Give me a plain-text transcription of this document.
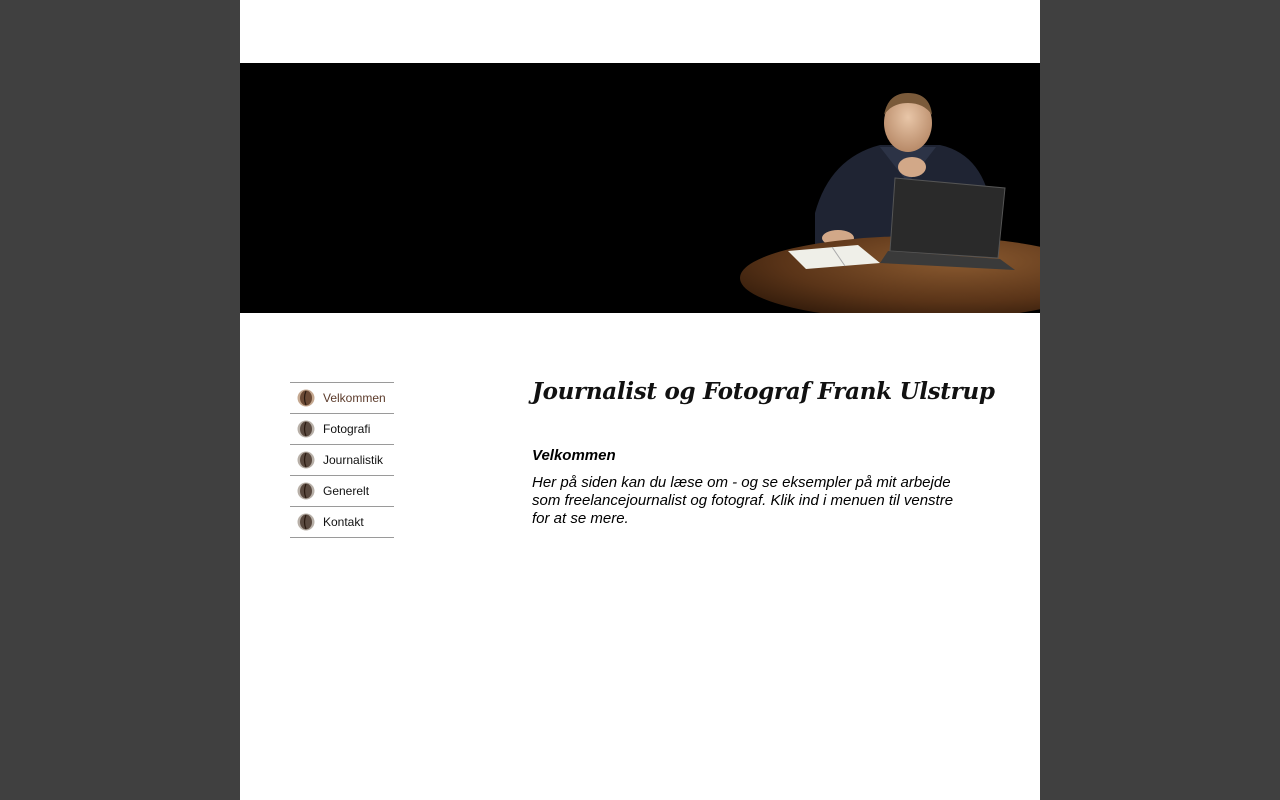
Velkommen
Fotografi
Journalistik
Generelt
Kontakt
Journalist og Fotograf Frank Ulstrup
Velkommen
Her på siden kan du læse om - og se eksempler på mit arbejde som freelancejournalist og fotograf. Klik ind i menuen til venstre for at se mere.
